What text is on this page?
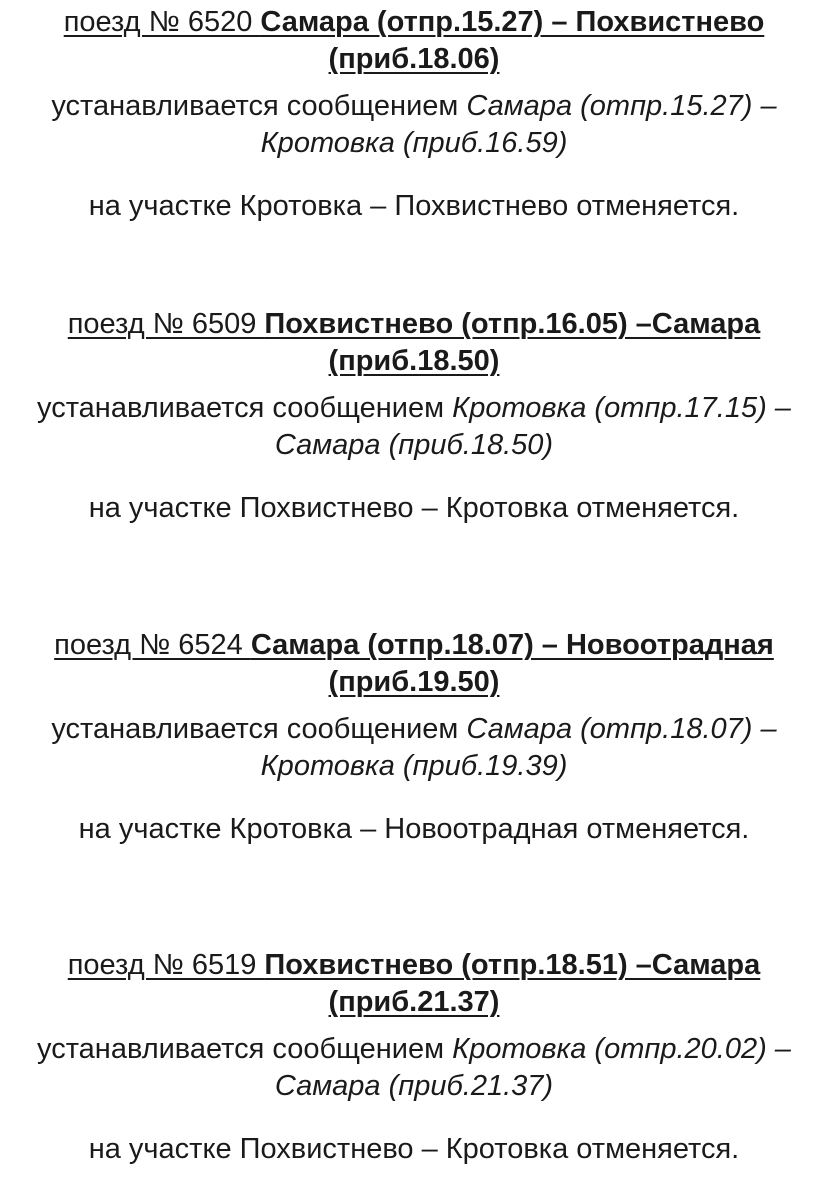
поезд № 6520 Самара (отпр.15.27) – Похвистнево (приб.18.06)
устанавливается сообщением Самара (отпр.15.27) – Кротовка (приб.16.59)
на участке Кротовка – Похвистнево отменяется.
поезд № 6509 Похвистнево (отпр.16.05) –Самара (приб.18.50)
устанавливается сообщением Кротовка (отпр.17.15) – Самара (приб.18.50)
на участке Похвистнево – Кротовка отменяется.
поезд № 6524 Самара (отпр.18.07) – Новоотрадная (приб.19.50)
устанавливается сообщением Самара (отпр.18.07) – Кротовка (приб.19.39)
на участке Кротовка – Новоотрадная отменяется.
поезд № 6519 Похвистнево (отпр.18.51) –Самара (приб.21.37)
устанавливается сообщением Кротовка (отпр.20.02) – Самара (приб.21.37)
на участке Похвистнево – Кротовка отменяется.
